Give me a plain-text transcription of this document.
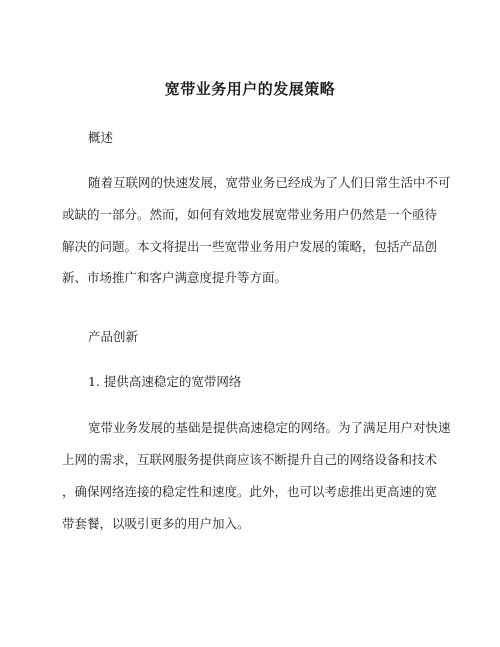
宽带业务用户的发展策略
概述
随着互联网的快速发展，宽带业务已经成为了人们日常生活中不可
或缺的一部分。然而，如何有效地发展宽带业务用户仍然是一个亟待
解决的问题。本文将提出一些宽带业务用户发展的策略，包括产品创
新、市场推广和客户满意度提升等方面。
产品创新
1. 提供高速稳定的宽带网络
宽带业务发展的基础是提供高速稳定的网络。为了满足用户对快速
上网的需求，互联网服务提供商应该不断提升自己的网络设备和技术
，确保网络连接的稳定性和速度。此外，也可以考虑推出更高速的宽
带套餐，以吸引更多的用户加入。
